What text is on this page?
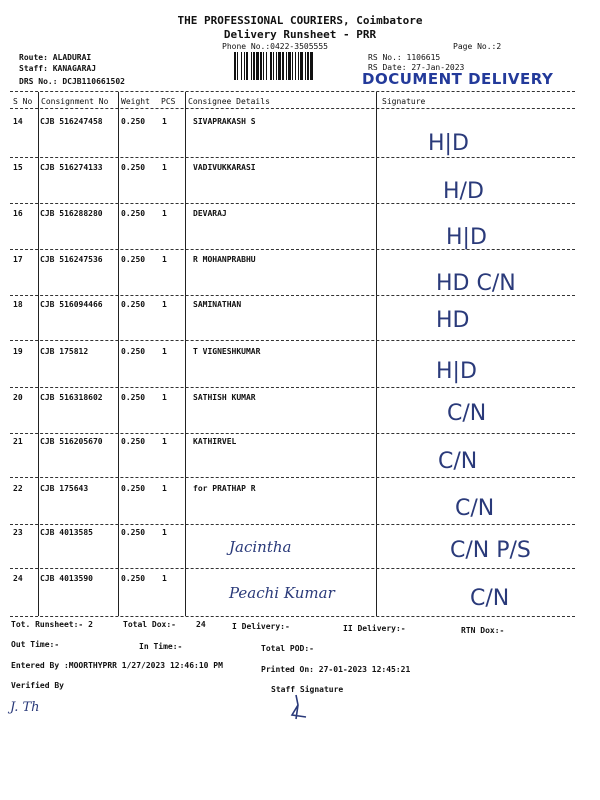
THE PROFESSIONAL COURIERS, Coimbatore
Delivery Runsheet - PRR
Phone No.:0422-3505555	Page No.:2
Route: ALADURAI
Staff: KANAGARAJ
DRS No.: DCJB110661502
RS No.: 1106615
RS Date: 27-Jan-2023
DOCUMENT DELIVERY
S No Consignment No Weight PCS Consignee Details	Signature
14 CJB 516247458 0.250 1	SIVAPRAKASH S
H|D
15 CJB 516274133 0.250 1	VADIVUKKARASI
H/D
16 CJB 516288280 0.250 1	DEVARAJ
H|D
17 CJB 516247536 0.250 1	R MOHANPRABHU
HD C/N
18 CJB 516094466 0.250 1	SAMINATHAN
HD
19 CJB 175812	0.250 1	T VIGNESHKUMAR
H|D
20 CJB 516318602 0.250 1	SATHISH KUMAR
C/N
21 CJB 516205670 0.250 1	KATHIRVEL
C/N
22 CJB 175643	0.250 1	for PRATHAP R
C/N
23 CJB 4013585	0.250 1
Jacintha	C/N P/S
24 CJB 4013590	0.250 1
Peachi Kumar	C/N
Tot. Runsheet:- 2	Total Dox:-	24	I Delivery:-	II Delivery:-	RTN Dox:-
Out Time:-	In Time:-	Total POD:-
Entered By :MOORTHYPRR 1/27/2023 12:46:10 PM	Printed On: 27-01-2023 12:45:21
Verified By	Staff Signature
J. Th
